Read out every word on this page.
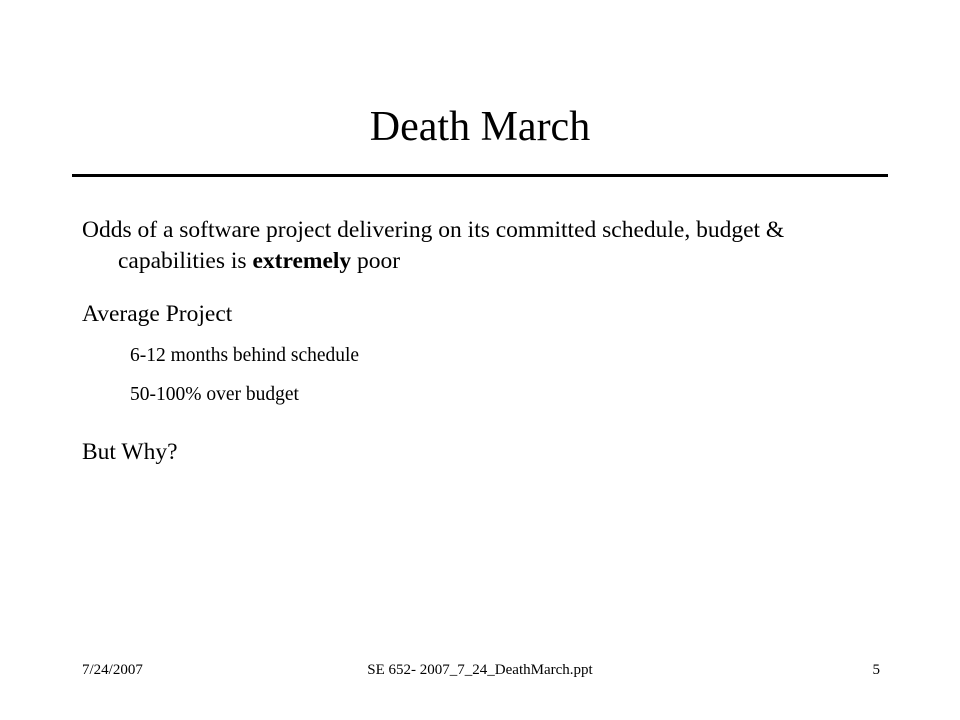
Death March
Odds of a software project delivering on its committed schedule, budget &
capabilities is extremely poor
Average Project
6-12 months behind schedule
50-100% over budget
But Why?
7/24/2007	SE 652- 2007_7_24_DeathMarch.ppt	5
